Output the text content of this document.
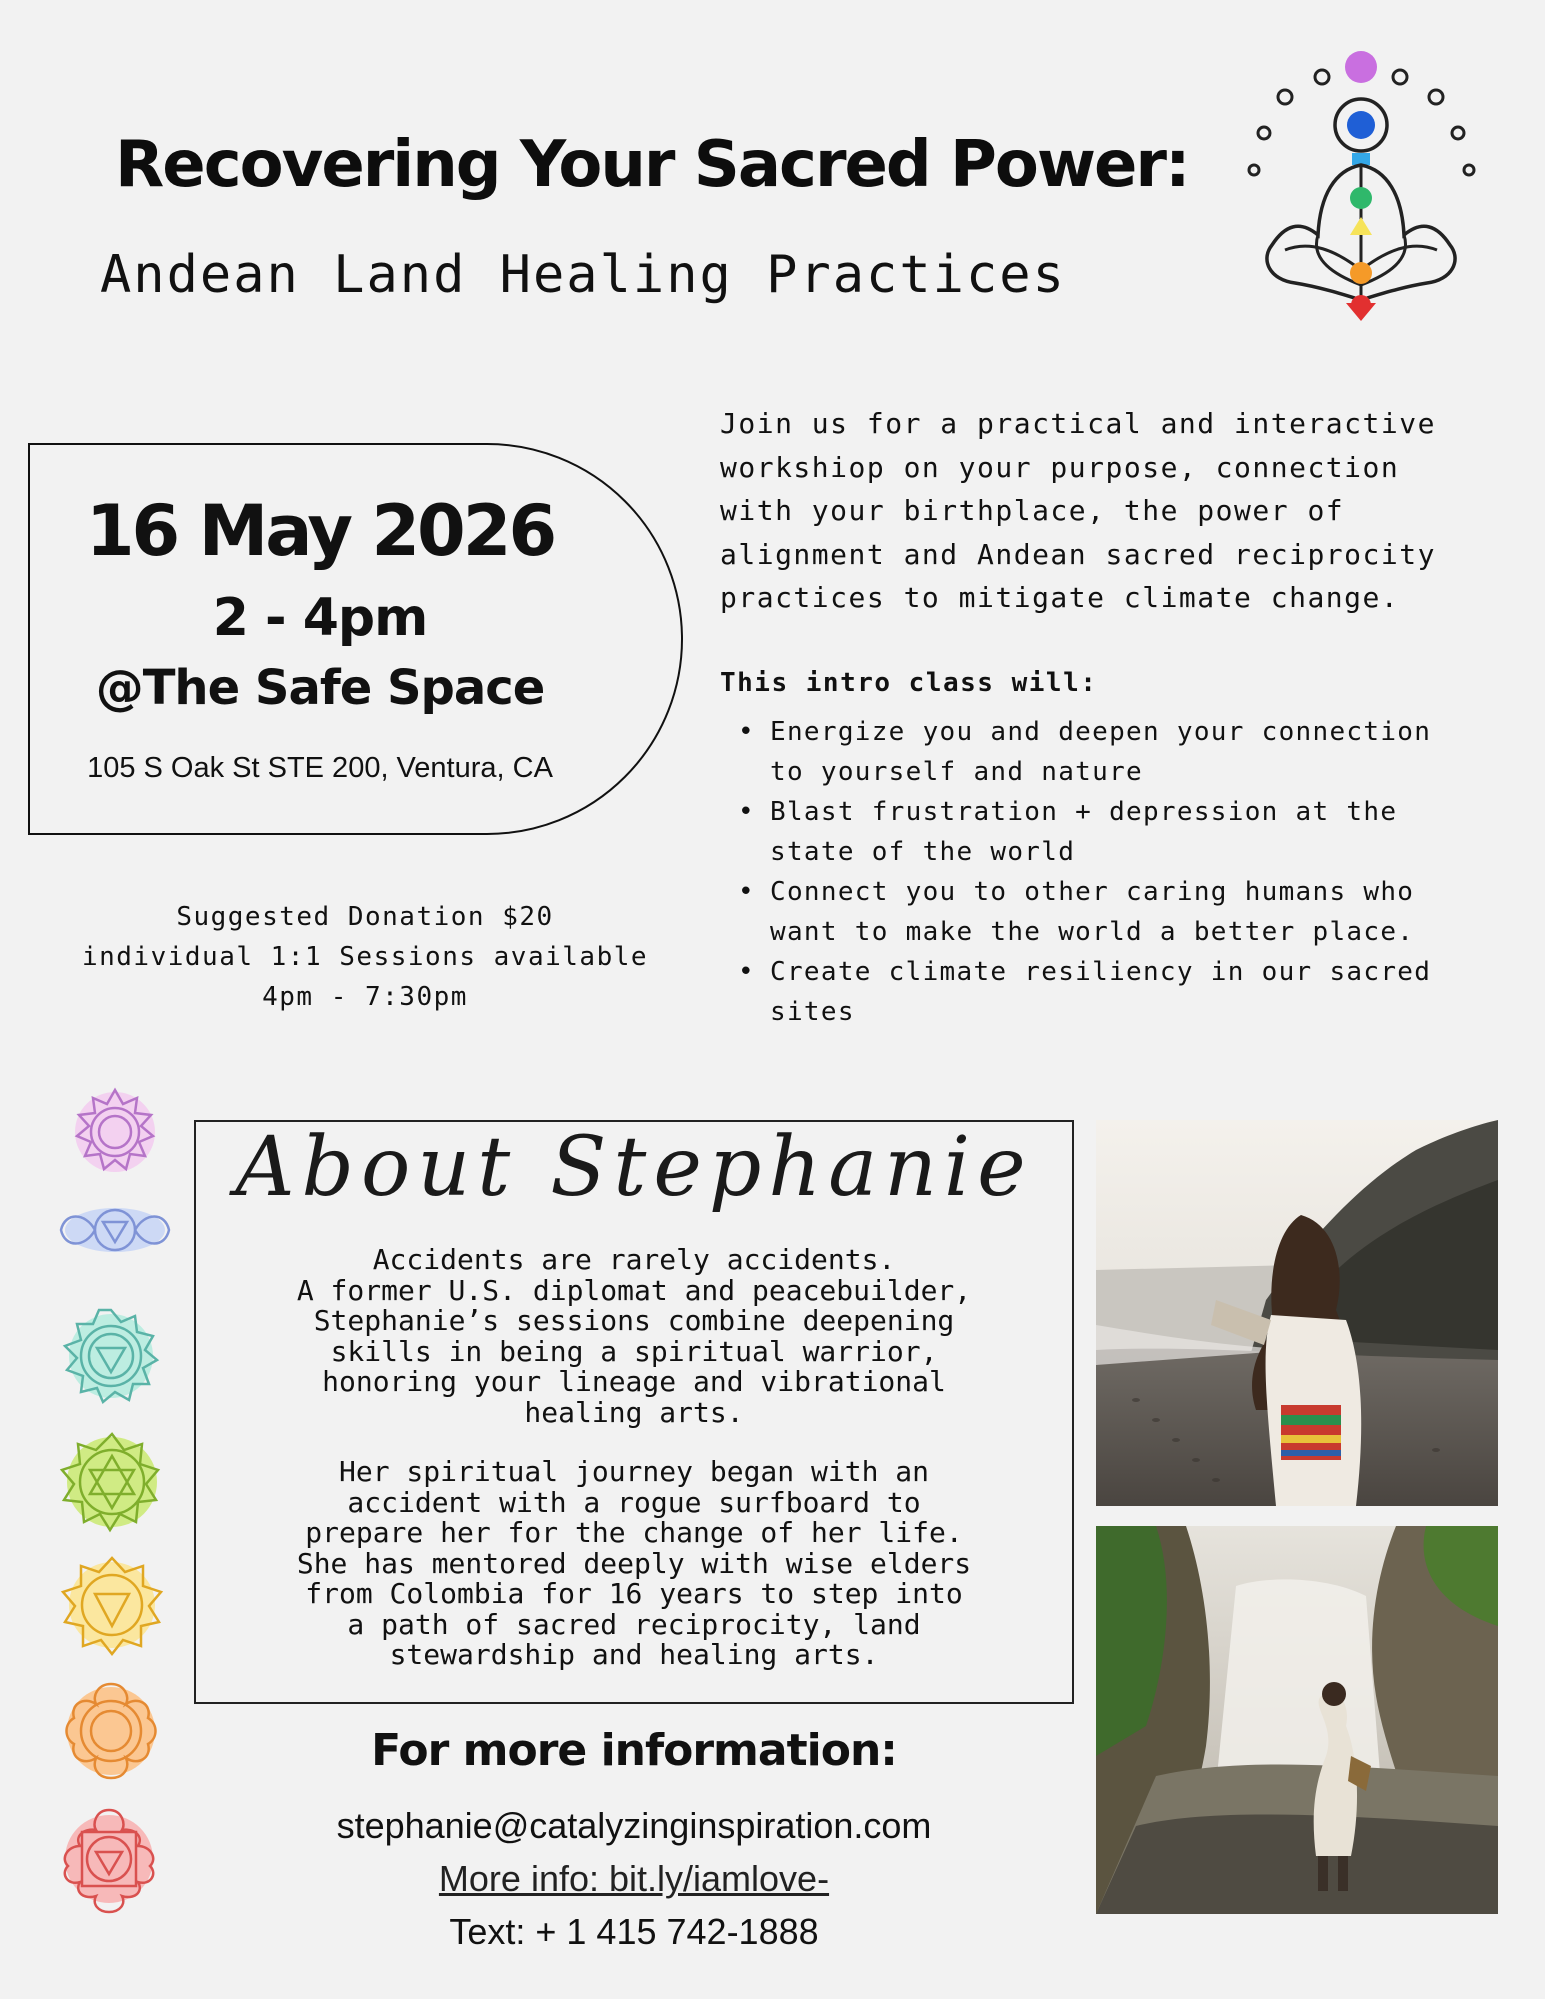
Recovering Your Sacred Power:
Andean Land Healing Practices
16 May 2026
2 - 4pm
@The Safe Space
105 S Oak St STE 200, Ventura, CA
Suggested Donation $20
individual 1:1 Sessions available
4pm - 7:30pm
Join us for a practical and interactive
workshiop on your purpose, connection
with your birthplace, the power of
alignment and Andean sacred reciprocity
practices to mitigate climate change.
This intro class will:
• Energize you and deepen your connection
to yourself and nature
• Blast frustration + depression at the
state of the world
• Connect you to other caring humans who
want to make the world a better place.
• Create climate resiliency in our sacred
sites
About Stephanie
Accidents are rarely accidents.
A former U.S. diplomat and peacebuilder,
Stephanie’s sessions combine deepening
skills in being a spiritual warrior,
honoring your lineage and vibrational
healing arts.
Her spiritual journey began with an
accident with a rogue surfboard to
prepare her for the change of her life.
She has mentored deeply with wise elders
from Colombia for 16 years to step into
a path of sacred reciprocity, land
stewardship and healing arts.
For more information:
stephanie@catalyzinginspiration.com
More info: bit.ly/iamlove-
Text: + 1 415 742-1888
